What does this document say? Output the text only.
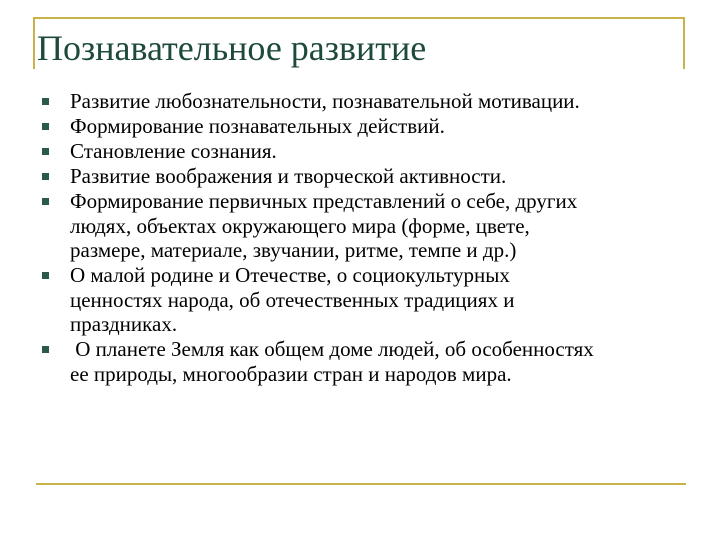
Познавательное развитие
Развитие любознательности, познавательной мотивации.
Формирование познавательных действий.
Становление сознания.
Развитие воображения и творческой активности.
Формирование первичных представлений о себе, других
людях, объектах окружающего мира (форме, цвете,
размере, материале, звучании, ритме, темпе и др.)
О малой родине и Отечестве, о социокультурных
ценностях народа, об отечественных традициях и
праздниках.
О планете Земля как общем доме людей, об особенностях
ее природы, многообразии стран и народов мира.
